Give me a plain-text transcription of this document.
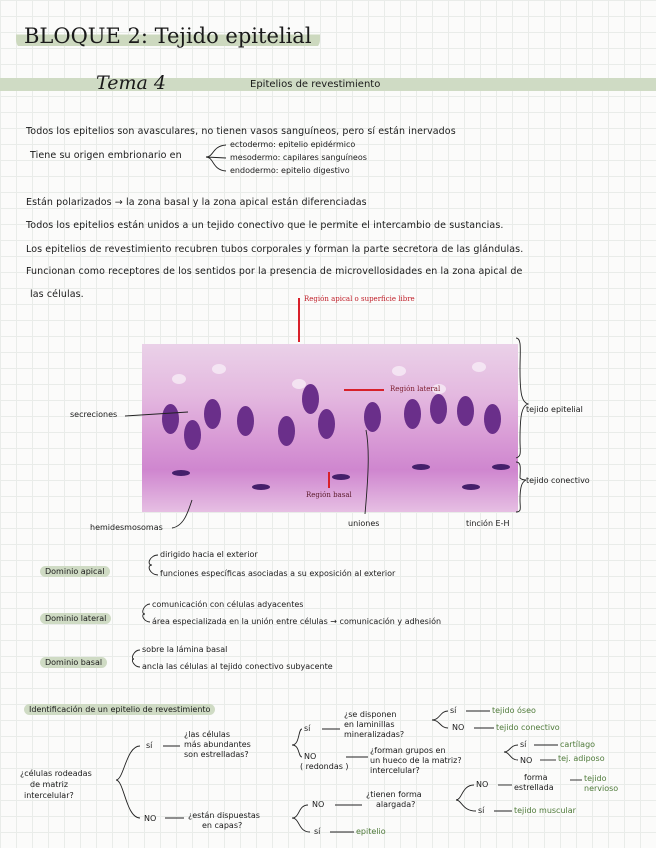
BLOQUE 2: Tejido epitelial
Tema 4	Epitelios de revestimiento
Todos los epitelios son avasculares, no tienen vasos sanguíneos, pero sí están inervados
Tiene su origen embrionario en
ectodermo: epitelio epidérmico
mesodermo: capilares sanguíneos
endodermo: epitelio digestivo
Están polarizados → la zona basal y la zona apical están diferenciadas
Todos los epitelios están unidos a un tejido conectivo que le permite el intercambio de sustancias.
Los epitelios de revestimiento recubren tubos corporales y forman la parte secretora de las glándulas.
Funcionan como receptores de los sentidos por la presencia de microvellosidades en la zona apical de
las células.	Región apical o superficie libre
Región lateral
Región basal
secreciones
hemidesmosomas	uniones	tinción E-H
tejido epitelial
tejido conectivo
Dominio apical
dirigido hacia el exterior
funciones específicas asociadas a su exposición al exterior
Dominio lateral
comunicación con células adyacentes
área especializada en la unión entre células → comunicación y adhesión
Dominio basal
sobre la lámina basal
ancla las células al tejido conectivo subyacente
Identificación de un epitelio de revestimiento
¿células rodeadas
de matriz
intercelular?
sí
NO
¿las células
más abundantes
son estrelladas?
¿están dispuestas
en capas?
sí
NO
( redondas )
¿se disponen
en laminillas
mineralizadas?
¿forman grupos en
un hueco de la matriz?
intercelular?
¿tienen forma
alargada?
NO
sí	epitelio
sí
NO
tejido óseo
tejido conectivo
sí
NO
cartílago
tej. adiposo
NO
forma
estrellada
tejido
nervioso
sí	tejido muscular
